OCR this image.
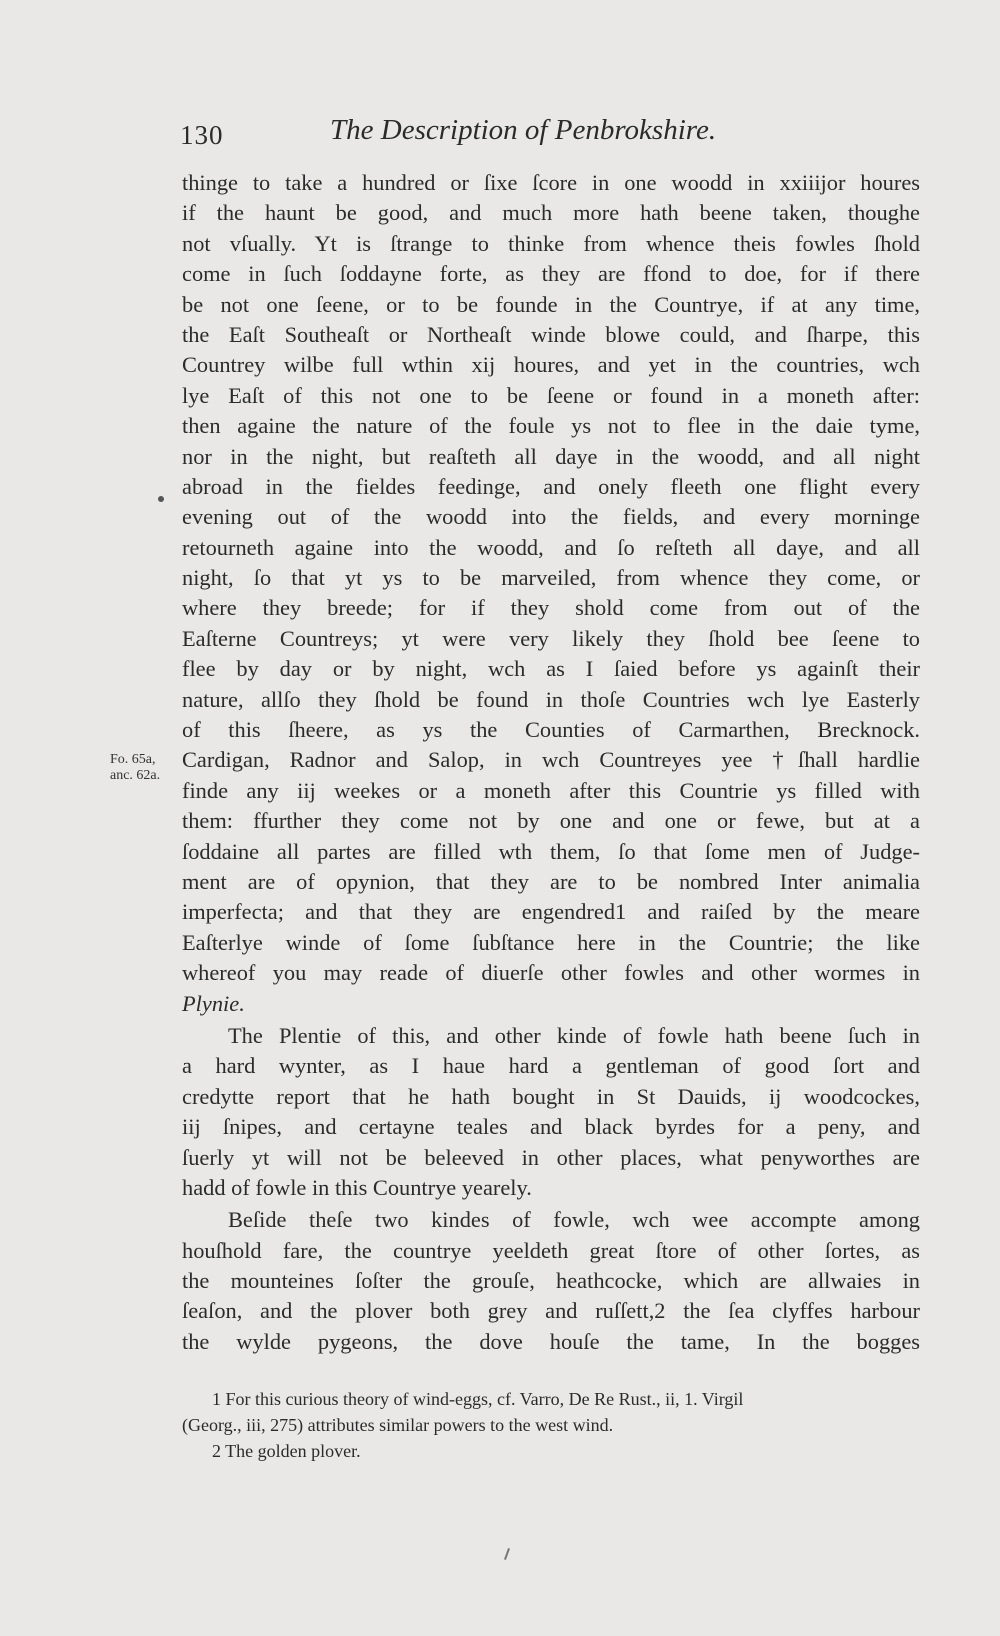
130	The Description of Penbrokshire.
Fo. 65a,
anc. 62a.
thinge to take a hundred or ſixe ſcore in one woodd in xxiiijor houres
if the haunt be good, and much more hath beene taken, thoughe
not vſually. Yt is ſtrange to thinke from whence theis fowles ſhold
come in ſuch ſoddayne forte, as they are ffond to doe, for if there
be not one ſeene, or to be founde in the Countrye, if at any time,
the Eaſt Southeaſt or Northeaſt winde blowe could, and ſharpe, this
Countrey wilbe full wthin xij houres, and yet in the countries, wch
lye Eaſt of this not one to be ſeene or found in a moneth after:
then againe the nature of the foule ys not to flee in the daie tyme,
nor in the night, but reaſteth all daye in the woodd, and all night
abroad in the fieldes feedinge, and onely fleeth one flight every
evening out of the woodd into the fields, and every morninge
retourneth againe into the woodd, and ſo reſteth all daye, and all
night, ſo that yt ys to be marveiled, from whence they come, or
where they breede; for if they shold come from out of the
Eaſterne Countreys; yt were very likely they ſhold bee ſeene to
flee by day or by night, wch as I ſaied before ys againſt their
nature, allſo they ſhold be found in thoſe Countries wch lye Easterly
of this ſheere, as ys the Counties of Carmarthen, Brecknock.
Cardigan, Radnor and Salop, in wch Countreyes yee †ſhall hardlie
finde any iij weekes or a moneth after this Countrie ys filled with
them: ffurther they come not by one and one or fewe, but at a
ſoddaine all partes are filled wth them, ſo that ſome men of Judge-
ment are of opynion, that they are to be nombred Inter animalia
imperfecta; and that they are engendred1 and raiſed by the meare
Eaſterlye winde of ſome ſubſtance here in the Countrie; the like
whereof you may reade of diuerſe other fowles and other wormes in
Plynie.
The Plentie of this, and other kinde of fowle hath beene ſuch in
a hard wynter, as I haue hard a gentleman of good ſort and
credytte report that he hath bought in St Dauids, ij woodcockes,
iij ſnipes, and certayne teales and black byrdes for a peny, and
ſuerly yt will not be beleeved in other places, what penyworthes are
hadd of fowle in this Countrye yearely.
Beſide theſe two kindes of fowle, wch wee accompte among
houſhold fare, the countrye yeeldeth great ſtore of other ſortes, as
the mounteines ſoſter the grouſe, heathcocke, which are allwaies in
ſeaſon, and the plover both grey and ruſſett,2 the ſea clyffes harbour
the wylde pygeons, the dove houſe the tame, In the bogges
1 For this curious theory of wind-eggs, cf. Varro, De Re Rust., ii, 1. Virgil
(Georg., iii, 275) attributes similar powers to the west wind.
2 The golden plover.
